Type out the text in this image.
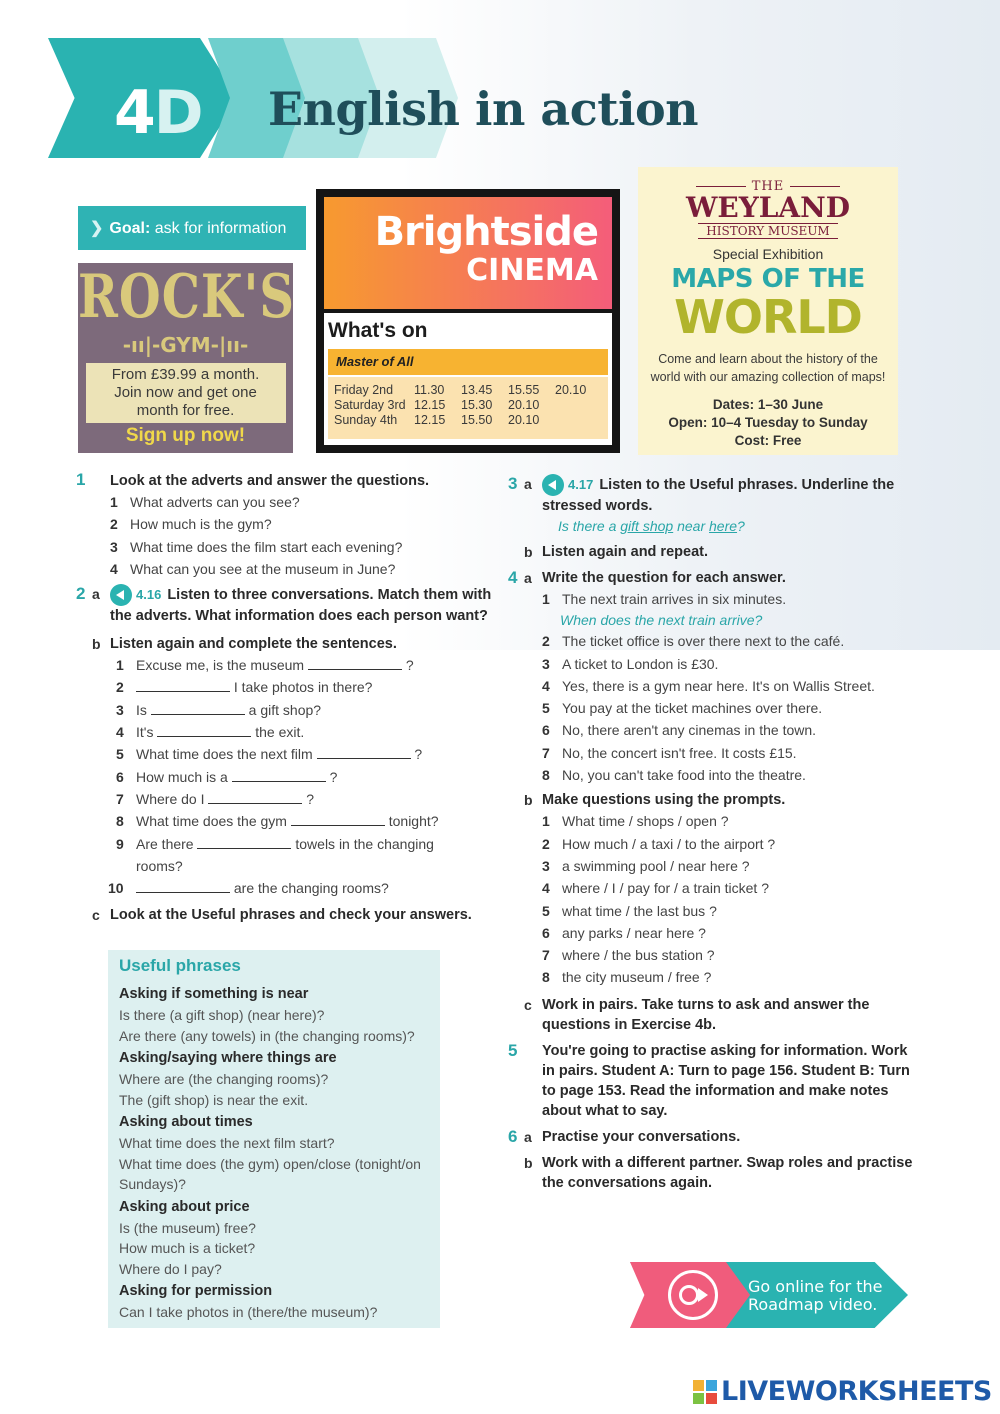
4D English in action
❯ Goal: ask for information
ROCK'S
-ıı|-GYM-|ıı-
From £39.99 a month.
Join now and get one
month for free.
Sign up now!
Brightside
CINEMA
What's on
Master of All
Friday 2nd	11.30	13.45	15.55	20.10
Saturday 3rd 12.15	15.30	20.10
Sunday 4th	12.15	15.50	20.10
THE
WEYLAND
HISTORY MUSEUM
Special Exhibition
MAPS OF THE
WORLD
Come and learn about the history of the world with our amazing collection of maps!
Dates: 1–30 June
Open: 10–4 Tuesday to Sunday
Cost: Free
1 Look at the adverts and answer the questions.
1 What adverts can you see?
2 How much is the gym?
3 What time does the film start each evening?
4 What can you see at the museum in June?
2 a	4.16 Listen to three conversations. Match them with the adverts. What information does each person want?
b Listen again and complete the sentences.
1 Excuse me, is the museum	?
2	I take photos in there?
3 Is	a gift shop?
4 It's	the exit.
5 What time does the next film	?
6 How much is a	?
7 Where do I	?
8 What time does the gym	tonight?
9 Are there	towels in the changing
rooms?
10	are the changing rooms?
c Look at the Useful phrases and check your answers.
Useful phrases
Asking if something is near
Is there (a gift shop) (near here)?
Are there (any towels) in (the changing rooms)?
Asking/saying where things are
Where are (the changing rooms)?
The (gift shop) is near the exit.
Asking about times
What time does the next film start?
What time does (the gym) open/close (tonight/on
Sundays)?
Asking about price
Is (the museum) free?
How much is a ticket?
Where do I pay?
Asking for permission
Can I take photos in (there/the museum)?
3 a	4.17 Listen to the Useful phrases. Underline the stressed words.
Is there a gift shop near here?
b Listen again and repeat.
4 a Write the question for each answer.
1 The next train arrives in six minutes.
When does the next train arrive?
2 The ticket office is over there next to the café.
3 A ticket to London is £30.
4 Yes, there is a gym near here. It's on Wallis Street.
5 You pay at the ticket machines over there.
6 No, there aren't any cinemas in the town.
7 No, the concert isn't free. It costs £15.
8 No, you can't take food into the theatre.
b Make questions using the prompts.
1 What time / shops / open ?
2 How much / a taxi / to the airport ?
3 a swimming pool / near here ?
4 where / I / pay for / a train ticket ?
5 what time / the last bus ?
6 any parks / near here ?
7 where / the bus station ?
8 the city museum / free ?
c Work in pairs. Take turns to ask and answer the questions in Exercise 4b.
5 You're going to practise asking for information. Work in pairs. Student A: Turn to page 156. Student B: Turn to page 153. Read the information and make notes about what to say.
6 a Practise your conversations.
b Work with a different partner. Swap roles and practise the conversations again.
Go online for the Roadmap video.
LIVEWORKSHEETS
